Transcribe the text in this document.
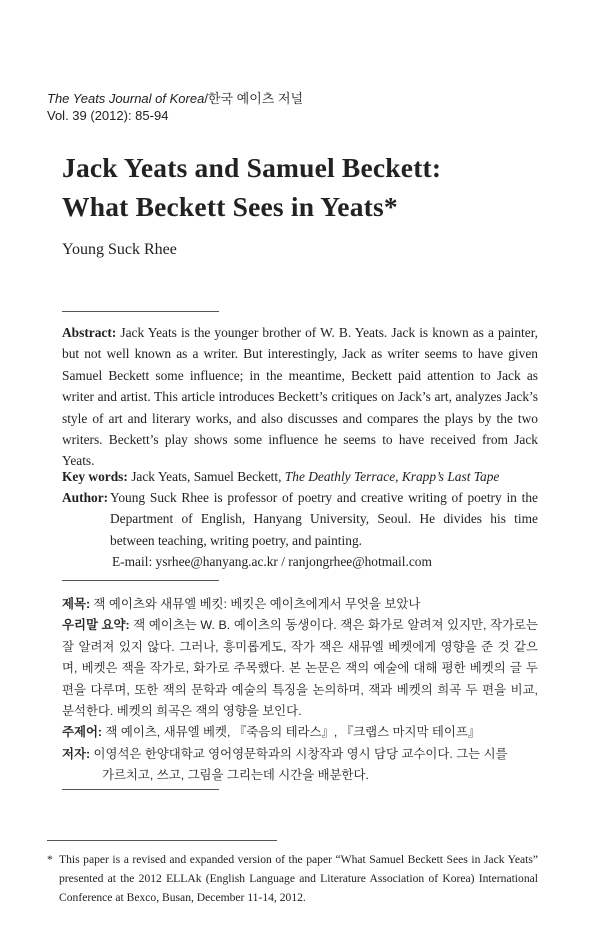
The Yeats Journal of Korea/한국 예이츠 저널
Vol. 39 (2012): 85-94
Jack Yeats and Samuel Beckett:
What Beckett Sees in Yeats*
Young Suck Rhee
Abstract: Jack Yeats is the younger brother of W. B. Yeats. Jack is known as a painter, but not well known as a writer. But interestingly, Jack as writer seems to have given Samuel Beckett some influence; in the meantime, Beckett paid attention to Jack as writer and artist. This article introduces Beckett’s critiques on Jack’s art, analyzes Jack’s style of art and literary works, and also discusses and compares the plays by the two writers. Beckett’s play shows some influence he seems to have received from Jack Yeats.
Key words: Jack Yeats, Samuel Beckett, The Deathly Terrace, Krapp’s Last Tape
Author: Young Suck Rhee is professor of poetry and creative writing of poetry in the Department of English, Hanyang University, Seoul. He divides his time between teaching, writing poetry, and painting.
E-mail: ysrhee@hanyang.ac.kr / ranjongrhee@hotmail.com
제목: 잭 예이츠와 새뮤엘 베킷: 베킷은 예이츠에게서 무엇을 보았나
우리말 요약: 잭 예이츠는 W. B. 예이츠의 동생이다. 잭은 화가로 알려져 있지만, 작가로는 잘 알려져 있지 않다. 그러나, 흥미롭게도, 작가 잭은 새뮤엘 베켓에게 영향을 준 것 같으며, 베켓은 잭을 작가로, 화가로 주목했다. 본 논문은 잭의 예술에 대해 평한 베켓의 글 두 편을 다루며, 또한 잭의 문학과 예술의 특징을 논의하며, 잭과 베켓의 희곡 두 편을 비교, 분석한다. 베켓의 희곡은 잭의 영향을 보인다.
주제어: 잭 예이츠, 새뮤엘 베켓, 『죽음의 테라스』, 『크랩스 마지막 테이프』
저자: 이영석은 한양대학교 영어영문학과의 시창작과 영시 담당 교수이다. 그는 시를
가르치고, 쓰고, 그림을 그리는데 시간을 배분한다.
* This paper is a revised and expanded version of the paper “What Samuel Beckett Sees in Jack Yeats” presented at the 2012 ELLAk (English Language and Literature Association of Korea) International Conference at Bexco, Busan, December 11-14, 2012.
